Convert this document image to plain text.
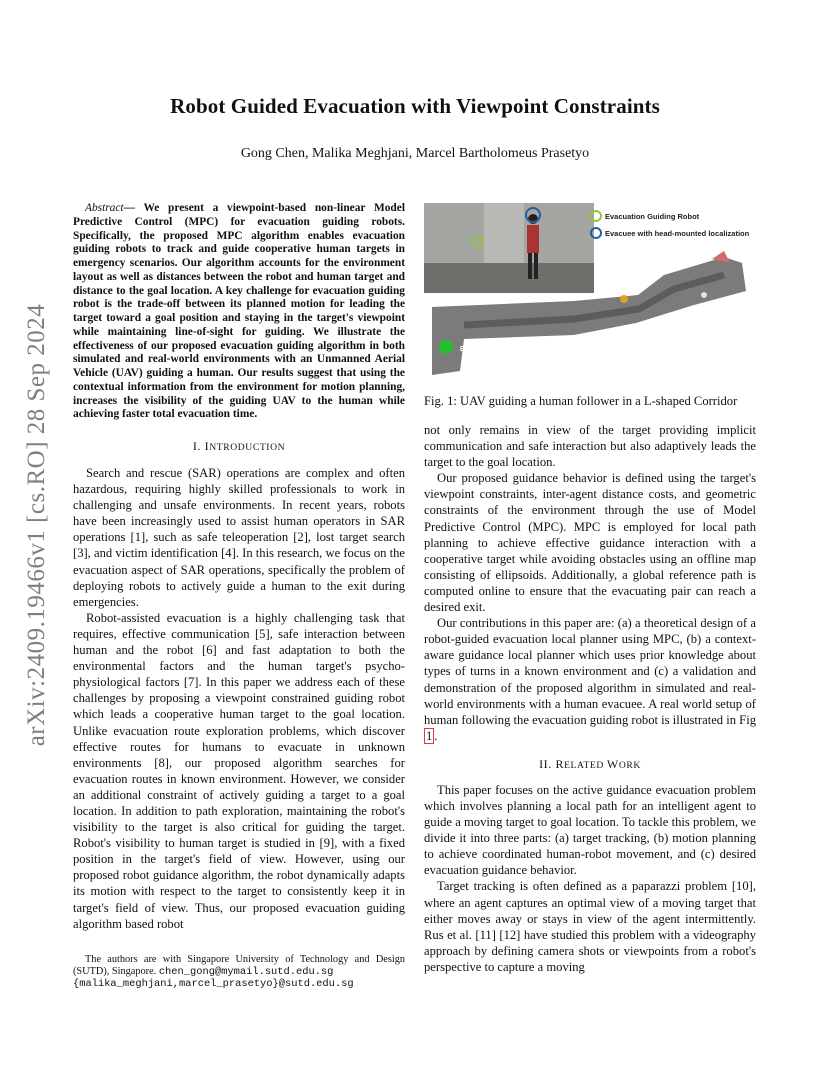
arXiv:2409.19466v1 [cs.RO] 28 Sep 2024
Robot Guided Evacuation with Viewpoint Constraints
Gong Chen, Malika Meghjani, Marcel Bartholomeus Prasetyo

Abstract— We present a viewpoint-based non-linear Model Predictive Control (MPC) for evacuation guiding robots. Specifically, the proposed MPC algorithm enables evacuation guiding robots to track and guide cooperative human targets in emergency scenarios. Our algorithm accounts for the environment layout as well as distances between the robot and human target and distance to the goal location. A key challenge for evacuation guiding robot is the trade-off between its planned motion for leading the target toward a goal position and staying in the target's viewpoint while maintaining line-of-sight for guiding. We illustrate the effectiveness of our proposed evacuation guiding algorithm in both simulated and real-world environments with an Unmanned Aerial Vehicle (UAV) guiding a human. Our results suggest that using the contextual information from the environment for motion planning, increases the visibility of the guiding UAV to the human while achieving faster total evacuation time.

I. INTRODUCTION

Search and rescue (SAR) operations are complex and often hazardous, requiring highly skilled professionals to work in challenging and unsafe environments. In recent years, robots have been increasingly used to assist human operators in SAR operations [1], such as safe teleoperation [2], lost target search [3], and victim identification [4]. In this research, we focus on the evacuation aspect of SAR operations, specifically the problem of deploying robots to actively guide a human to the exit during emergencies.

Robot-assisted evacuation is a highly challenging task that requires, effective communication [5], safe interaction between human and the robot [6] and fast adaptation to both the environmental factors and the human target's psycho-physiological factors [7]. In this paper we address each of these challenges by proposing a viewpoint constrained guiding robot which leads a cooperative human target to the goal location. Unlike evacuation route exploration problems, which discover effective routes for humans to evacuate in unknown environments [8], our proposed algorithm searches for evacuation routes in known environment. However, we consider an additional constraint of actively guiding a target to a goal location. In addition to path exploration, maintaining the robot's visibility to the target is also critical for guiding the target. Robot's visibility to human target is studied in [9], with a fixed position in the target's field of view. However, using our proposed robot guidance algorithm, the robot dynamically adapts its motion with respect to the target to consistently keep it in target's field of view. Thus, our proposed evacuation guiding algorithm based robot

The authors are with Singapore University of Technology and Design (SUTD), Singapore. chen_gong@mymail.sutd.edu.sg
{malika_meghjani,marcel_prasetyo}@sutd.edu.sg

Evacuation Guiding Robot
Evacuee with head-mounted localization
START
EXIT

Fig. 1: UAV guiding a human follower in a L-shaped Corridor

not only remains in view of the target providing implicit communication and safe interaction but also adaptively leads the target to the goal location.

Our proposed guidance behavior is defined using the target's viewpoint constraints, inter-agent distance costs, and geometric constraints of the environment through the use of Model Predictive Control (MPC). MPC is employed for local path planning to achieve effective guidance interaction with a cooperative target while avoiding obstacles using an offline map consisting of ellipsoids. Additionally, a global reference path is computed online to ensure that the evacuating pair can reach a desired exit.

Our contributions in this paper are: (a) a theoretical design of a robot-guided evacuation local planner using MPC, (b) a context-aware guidance local planner which uses prior knowledge about types of turns in a known environment and (c) a validation and demonstration of the proposed algorithm in simulated and real-world environments with a human evacuee. A real world setup of human following the evacuation guiding robot is illustrated in Fig 1 .

II. RELATED WORK

This paper focuses on the active guidance evacuation problem which involves planning a local path for an intelligent agent to guide a moving target to goal location. To tackle this problem, we divide it into three parts: (a) target tracking, (b) motion planning to achieve coordinated human-robot movement, and (c) desired evacuation guidance behavior.

Target tracking is often defined as a paparazzi problem [10], where an agent captures an optimal view of a moving target that either moves away or stays in view of the agent intermittently. Rus et al. [11] [12] have studied this problem with a videography approach by defining camera shots or viewpoints from a robot's perspective to capture a moving
